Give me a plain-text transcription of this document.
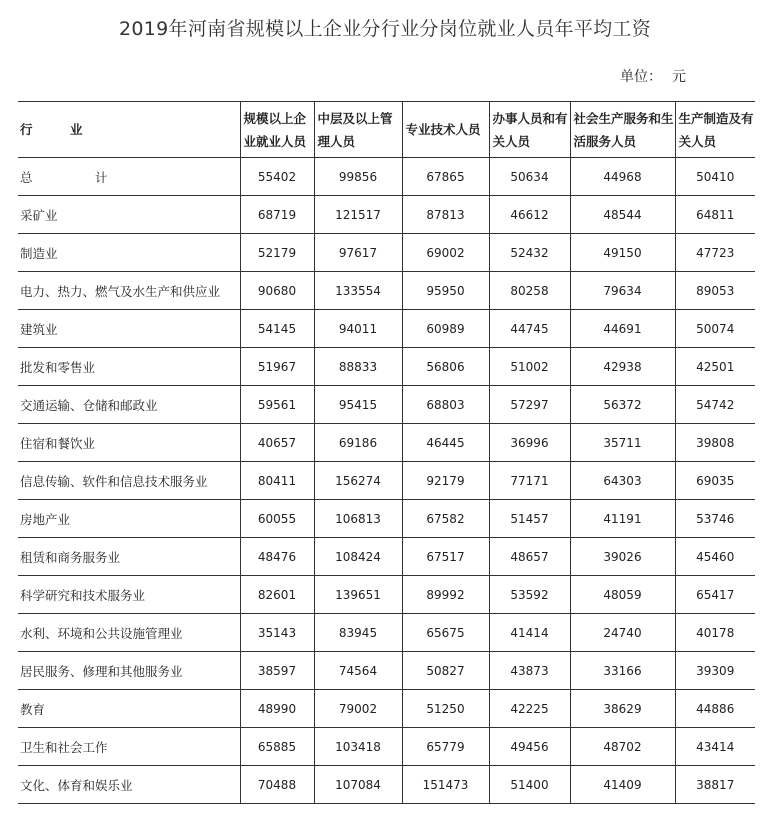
2019年河南省规模以上企业分行业分岗位就业人员年平均工资
单位： 元
行　　　业	规模以上企业就业人员	中层及以上管理人员	专业技术人员	办事人员和有关人员	社会生产服务和生活服务人员	生产制造及有关人员
总　　　　　计	55402	99856	67865	50634	44968	50410
采矿业	68719	121517	87813	46612	48544	64811
制造业	52179	97617	69002	52432	49150	47723
电力、热力、燃气及水生产和供应业	90680	133554	95950	80258	79634	89053
建筑业	54145	94011	60989	44745	44691	50074
批发和零售业	51967	88833	56806	51002	42938	42501
交通运输、仓储和邮政业	59561	95415	68803	57297	56372	54742
住宿和餐饮业	40657	69186	46445	36996	35711	39808
信息传输、软件和信息技术服务业	80411	156274	92179	77171	64303	69035
房地产业	60055	106813	67582	51457	41191	53746
租赁和商务服务业	48476	108424	67517	48657	39026	45460
科学研究和技术服务业	82601	139651	89992	53592	48059	65417
水利、环境和公共设施管理业	35143	83945	65675	41414	24740	40178
居民服务、修理和其他服务业	38597	74564	50827	43873	33166	39309
教育	48990	79002	51250	42225	38629	44886
卫生和社会工作	65885	103418	65779	49456	48702	43414
文化、体育和娱乐业	70488	107084	151473	51400	41409	38817
